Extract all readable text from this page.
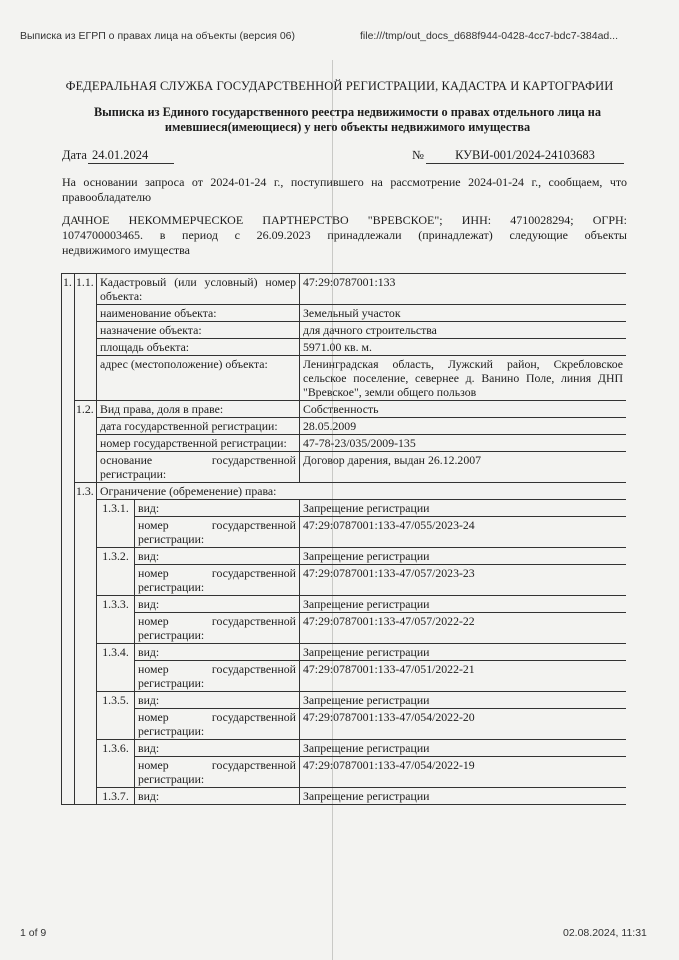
Выписка из ЕГРП о правах лица на объекты (версия 06)	file:///tmp/out_docs_d688f944-0428-4cc7-bdc7-384ad...
ФЕДЕРАЛЬНАЯ СЛУЖБА ГОСУДАРСТВЕННОЙ РЕГИСТРАЦИИ, КАДАСТРА И КАРТОГРАФИИ
Выписка из Единого государственного реестра недвижимости о правах отдельного лица на
имевшиеся(имеющиеся) у него объекты недвижимого имущества
Дата 24.01.2024	№	КУВИ-001/2024-24103683
На основании запроса от 2024-01-24 г., поступившего на рассмотрение 2024-01-24 г., сообщаем, что правообладателю
ДАЧНОЕ НЕКОММЕРЧЕСКОЕ ПАРТНЕРСТВО "ВРЕВСКОЕ"; ИНН: 4710028294; ОГРН:
1074700003465. в период с 26.09.2023 принадлежали (принадлежат) следующие объекты
недвижимого имущества
1.	1.1.	Кадастровый (или условный) номер объекта:		47:29:0787001:133
		наименование объекта:		Земельный участок
		назначение объекта:		для дачного строительства
		площадь объекта:		5971.00 кв. м.
		адрес (местоположение) объекта:		Ленинградская область, Лужский район, Скребловское сельское поселение, севернее д. Ванино Поле, линия ДНП "Вревское", земли общего пользов
	1.2.	Вид права, доля в праве:		Собственность
		дата государственной регистрации:		28.05.2009
		номер государственной регистрации:		47-78-23/035/2009-135
		основание государственной регистрации:		Договор дарения, выдан 26.12.2007
	1.3.	Ограничение (обременение) права:		
		1.3.1.	вид:	Запрещение регистрации
			номер государственной регистрации:	47:29:0787001:133-47/055/2023-24
		1.3.2.	вид:	Запрещение регистрации
			номер государственной регистрации:	47:29:0787001:133-47/057/2023-23
		1.3.3.	вид:	Запрещение регистрации
			номер государственной регистрации:	47:29:0787001:133-47/057/2022-22
		1.3.4.	вид:	Запрещение регистрации
			номер государственной регистрации:	47:29:0787001:133-47/051/2022-21
		1.3.5.	вид:	Запрещение регистрации
			номер государственной регистрации:	47:29:0787001:133-47/054/2022-20
		1.3.6.	вид:	Запрещение регистрации
			номер государственной регистрации:	47:29:0787001:133-47/054/2022-19
		1.3.7.	вид:	Запрещение регистрации
1 of 9	02.08.2024, 11:31
